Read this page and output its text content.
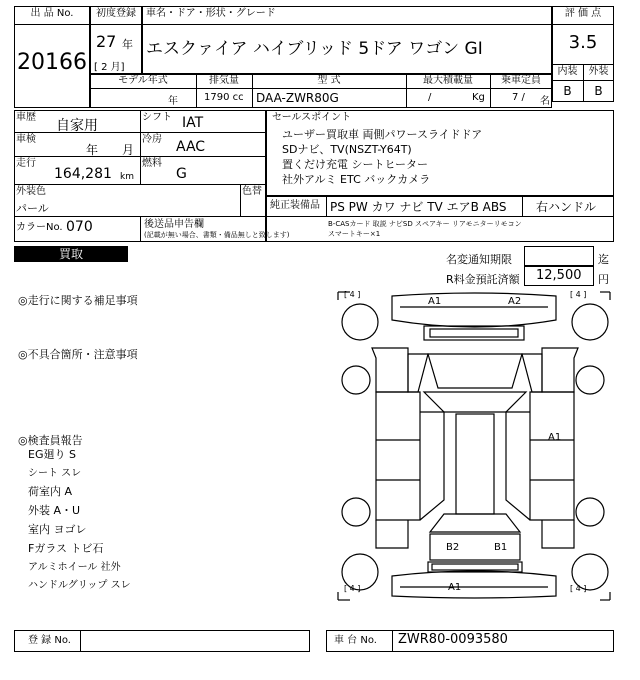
出 品 No.
20166
初度登録
27 年
[ 2 月]
車名・ドア・形状・グレード
エスクァイア ハイブリッド 5ドア ワゴン GI
評 価 点
3.5
内装	外装
B	B
モデル年式	排気量	型 式	最大積載量	乗車定員
年	1790 cc DAA-ZWR80G	/	Kg	7 / 名
車歴
自家用
車検
年 月
走行
164,281 km
シフト IAT
冷房 AAC
燃料
G
外装色
パール
色替
カラーNo. 070	後送品申告欄
(記載が無い場合、書類・備品無しと致します)
セールスポイント
ユーザー買取車 両側パワースライドドア
SDナビ、TV(NSZT-Y64T)
置くだけ充電 シートヒーター
社外アルミ ETC バックカメラ
純正装備品 PS PW カワ ナビ TV エアB ABS 右ハンドル
B-CASカード 取説 ナビSD スペアキー リアモニターリモコン スマートキー×1
買取	名変通知期限	迄
R料金預託済額 12,500 円
◎走行に関する補足事項
◎不具合箇所・注意事項
◎検査員報告
EG廻り S
シート スレ
荷室内 A
外装 A・U
室内 ヨゴレ
Fガラス トビ石
アルミホイール 社外
ハンドルグリップ スレ
[ 4 ]	[ 4 ]
[ 4 ]	[ 4 ]
A1	A2
A1
B2	B1
A1
登 録 No.	車 台 No. ZWR80-0093580
